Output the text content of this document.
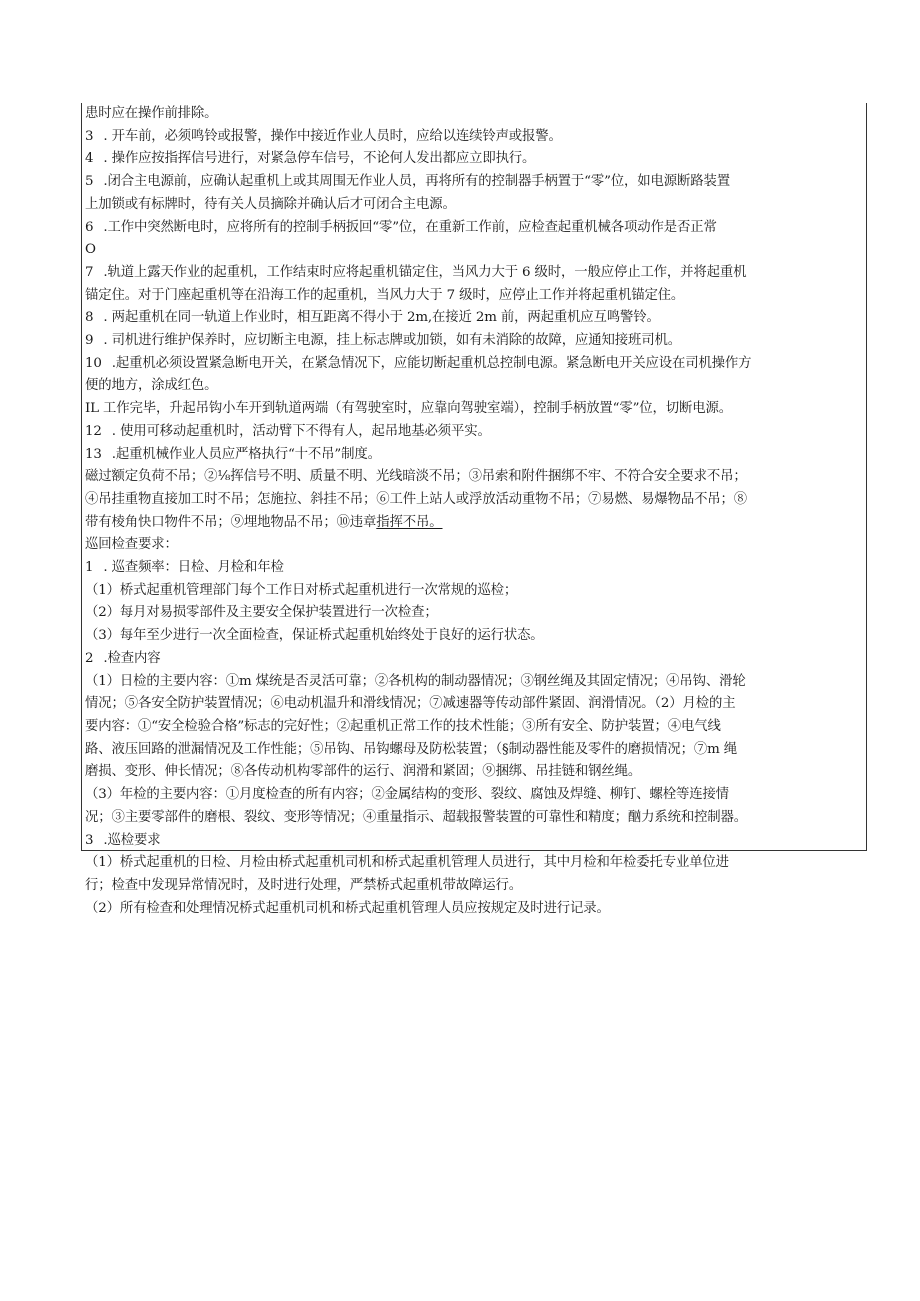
患时应在操作前排除。
3 . 开车前，必须鸣铃或报警，操作中接近作业人员时，应给以连续铃声或报警。
4 . 操作应按指挥信号进行，对紧急停车信号，不论何人发出都应立即执行。
5 .闭合主电源前，应确认起重机上或其周围无作业人员，再将所有的控制器手柄置于“零”位，如电源断路装置
上加锁或有标牌时，待有关人员摘除并确认后才可闭合主电源。
6 .工作中突然断电时，应将所有的控制手柄扳回“零”位，在重新工作前，应检查起重机械各项动作是否正常
O
7 .轨道上露天作业的起重机，工作结束时应将起重机锚定住，当风力大于 6 级时，一般应停止工作，并将起重机
锚定住。对于门座起重机等在沿海工作的起重机，当风力大于 7 级时，应停止工作并将起重机锚定住。
8 . 两起重机在同一轨道上作业时，相互距离不得小于 2m,在接近 2m 前，两起重机应互鸣警铃。
9 . 司机进行维护保养时，应切断主电源，挂上标志牌或加锁，如有未消除的故障，应通知接班司机。
10 .起重机必须设置紧急断电开关，在紧急情况下，应能切断起重机总控制电源。紧急断电开关应设在司机操作方
便的地方，涂成红色。
IL 工作完毕，升起吊钩小车开到轨道两端（有驾驶室时，应靠向驾驶室端），控制手柄放置“零”位，切断电源。
12 . 使用可移动起重机时，活动臂下不得有人，起吊地基必须平实。
13 .起重机械作业人员应严格执行“十不吊”制度。
磁过额定负荷不吊；②⅛挥信号不明、质量不明、光线暗淡不吊；③吊索和附件捆绑不牢、不符合安全要求不吊；
④吊挂重物直接加工时不吊；怎施拉、斜挂不吊；⑥工件上站人或浮放活动重物不吊；⑦易燃、易爆物品不吊；⑧
带有棱角快口物件不吊；⑨埋地物品不吊；⑩违章指挥不吊。
巡回检查要求：
1 . 巡查频率：日检、月检和年检
（1）桥式起重机管理部门每个工作日对桥式起重机进行一次常规的巡检；
（2）每月对易损零部件及主要安全保护装置进行一次检查；
（3）每年至少进行一次全面检查，保证桥式起重机始终处于良好的运行状态。
2 .检查内容
（1）日检的主要内容：①m 煤统是否灵活可靠；②各机构的制动器情况；③钢丝绳及其固定情况；④吊钩、滑轮
情况；⑤各安全防护装置情况；⑥电动机温升和滑线情况；⑦减速器等传动部件紧固、润滑情况。（2）月检的主
要内容：①“安全检验合格”标志的完好性；②起重机正常工作的技术性能；③所有安全、防护装置；④电气线
路、液压回路的泄漏情况及工作性能；⑤吊钩、吊钩螺母及防松装置；（§制动器性能及零件的磨损情况；⑦m 绳
磨损、变形、伸长情况；⑧各传动机构零部件的运行、润滑和紧固；⑨捆绑、吊挂链和钢丝绳。
（3）年检的主要内容：①月度检查的所有内容；②金属结构的变形、裂纹、腐蚀及焊缝、柳钉、螺栓等连接情
况；③主要零部件的磨根、裂纹、变形等情况；④重量指示、超载报警装置的可靠性和精度；酗力系统和控制器。
3 .巡检要求
（1）桥式起重机的日检、月检由桥式起重机司机和桥式起重机管理人员进行，其中月检和年检委托专业单位进
行；检查中发现异常情况时，及时进行处理，严禁桥式起重机带故障运行。
（2）所有检查和处理情况桥式起重机司机和桥式起重机管理人员应按规定及时进行记录。
